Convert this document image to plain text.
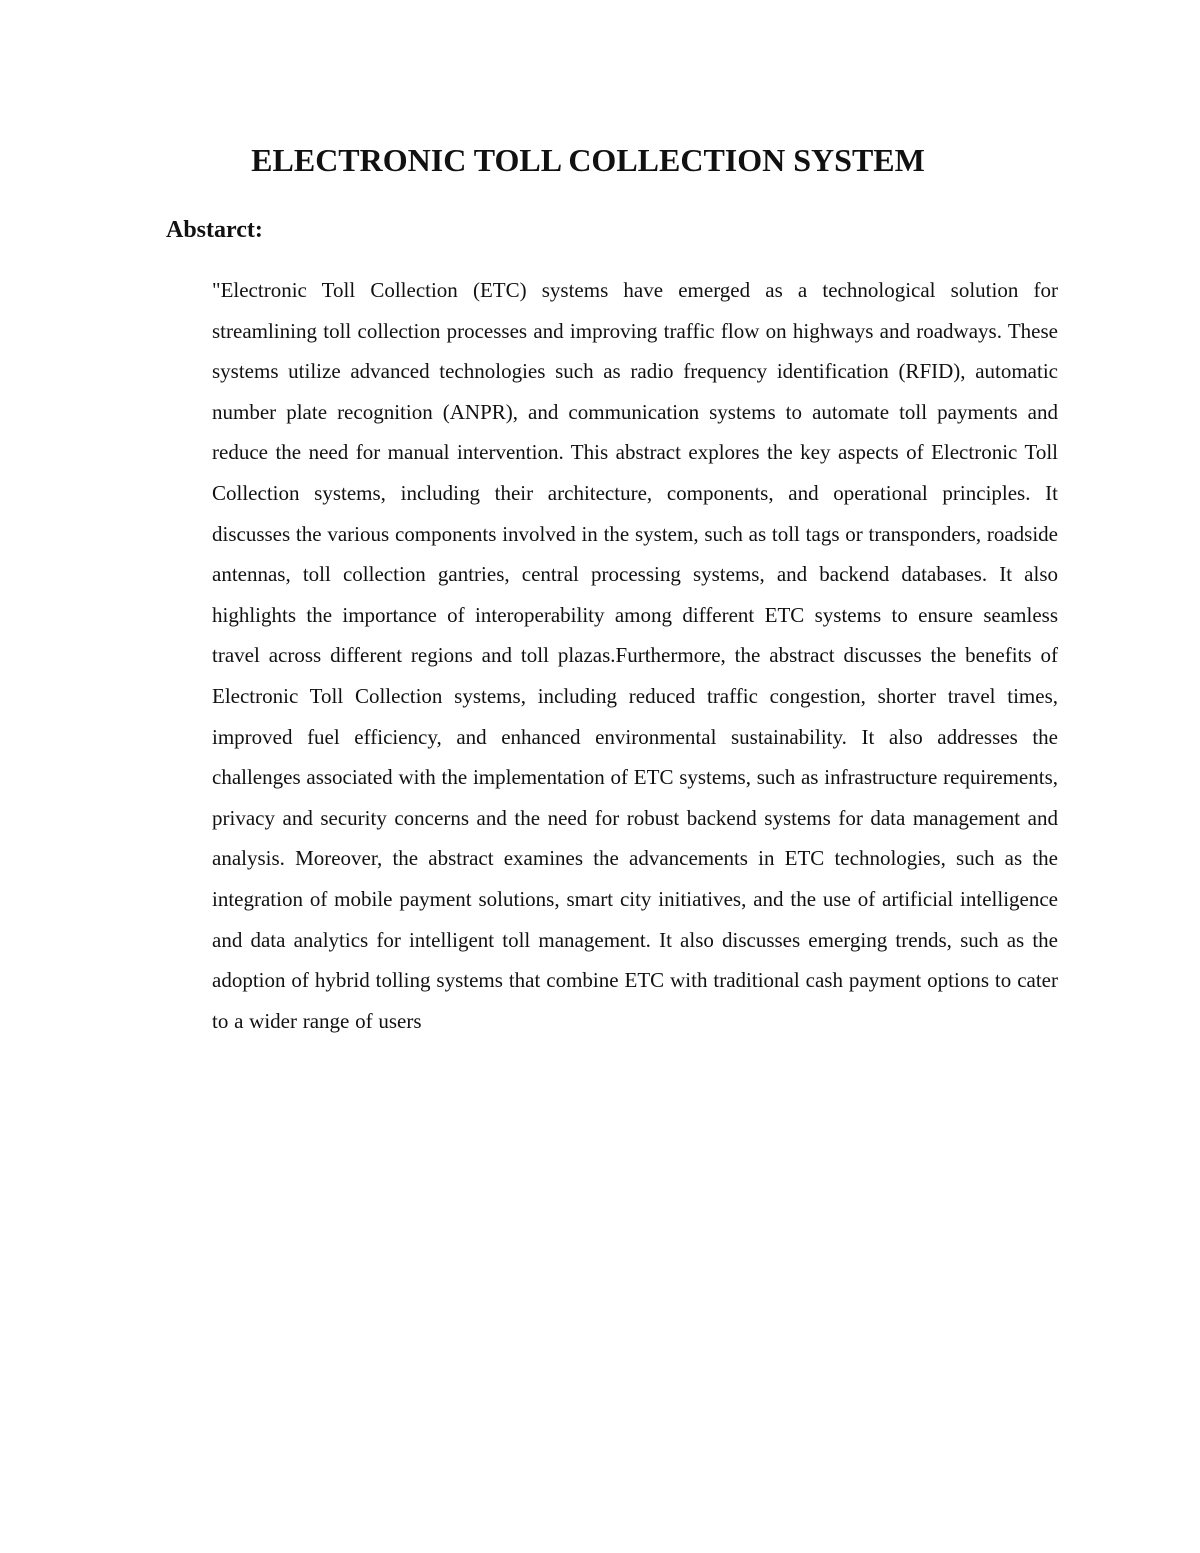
ELECTRONIC TOLL COLLECTION SYSTEM
Abstarct:

"Electronic Toll Collection (ETC) systems have emerged as a technological solution for streamlining toll collection processes and improving traffic flow on highways and roadways. These systems utilize advanced technologies such as radio frequency identification (RFID), automatic number plate recognition (ANPR), and communication systems to automate toll payments and reduce the need for manual intervention. This abstract explores the key aspects of Electronic Toll Collection systems, including their architecture, components, and operational principles. It discusses the various components involved in the system, such as toll tags or transponders, roadside antennas, toll collection gantries, central processing systems, and backend databases. It also highlights the importance of interoperability among different ETC systems to ensure seamless travel across different regions and toll plazas.Furthermore, the abstract discusses the benefits of Electronic Toll Collection systems, including reduced traffic congestion, shorter travel times, improved fuel efficiency, and enhanced environmental sustainability. It also addresses the challenges associated with the implementation of ETC systems, such as infrastructure requirements, privacy and security concerns and the need for robust backend systems for data management and analysis. Moreover, the abstract examines the advancements in ETC technologies, such as the integration of mobile payment solutions, smart city initiatives, and the use of artificial intelligence and data analytics for intelligent toll management. It also discusses emerging trends, such as the adoption of hybrid tolling systems that combine ETC with traditional cash payment options to cater to a wider range of users
